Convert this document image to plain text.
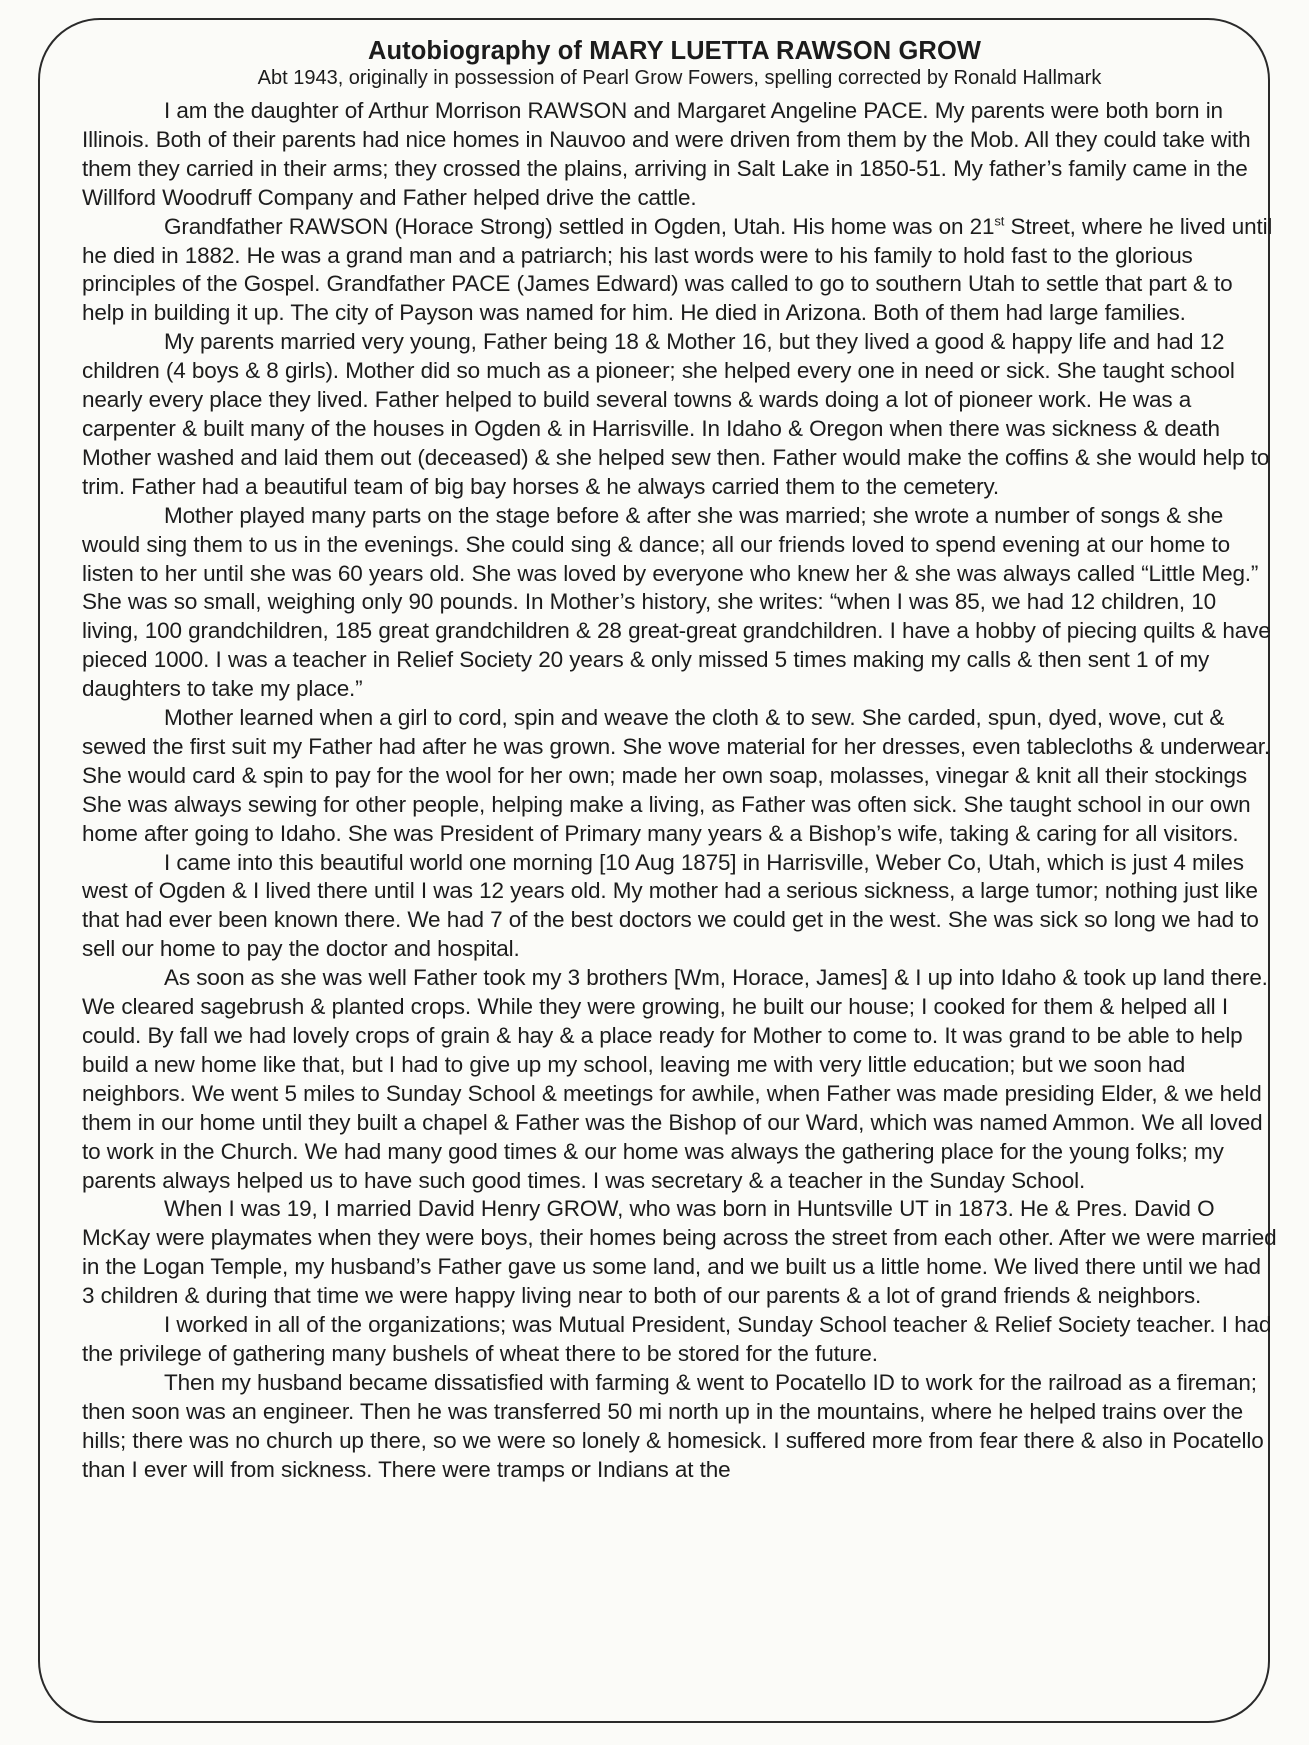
Autobiography of MARY LUETTA RAWSON GROW
Abt 1943, originally in possession of Pearl Grow Fowers, spelling corrected by Ronald Hallmark

I am the daughter of Arthur Morrison RAWSON and Margaret Angeline PACE. My parents were both born in Illinois. Both of their parents had nice homes in Nauvoo and were driven from them by the Mob. All they could take with them they carried in their arms; they crossed the plains, arriving in Salt Lake in 1850-51. My father’s family came in the Willford Woodruff Company and Father helped drive the cattle.

Grandfather RAWSON (Horace Strong) settled in Ogden, Utah. His home was on 21st Street, where he lived until he died in 1882. He was a grand man and a patriarch; his last words were to his family to hold fast to the glorious principles of the Gospel. Grandfather PACE (James Edward) was called to go to southern Utah to settle that part & to help in building it up. The city of Payson was named for him. He died in Arizona. Both of them had large families.

My parents married very young, Father being 18 & Mother 16, but they lived a good & happy life and had 12 children (4 boys & 8 girls). Mother did so much as a pioneer; she helped every one in need or sick. She taught school nearly every place they lived. Father helped to build several towns & wards doing a lot of pioneer work. He was a carpenter & built many of the houses in Ogden & in Harrisville. In Idaho & Oregon when there was sickness & death Mother washed and laid them out (deceased) & she helped sew then. Father would make the coffins & she would help to trim. Father had a beautiful team of big bay horses & he always carried them to the cemetery.

Mother played many parts on the stage before & after she was married; she wrote a number of songs & she would sing them to us in the evenings. She could sing & dance; all our friends loved to spend evening at our home to listen to her until she was 60 years old. She was loved by everyone who knew her & she was always called “Little Meg.” She was so small, weighing only 90 pounds. In Mother’s history, she writes: “when I was 85, we had 12 children, 10 living, 100 grandchildren, 185 great grandchildren & 28 great-great grandchildren. I have a hobby of piecing quilts & have pieced 1000. I was a teacher in Relief Society 20 years & only missed 5 times making my calls & then sent 1 of my daughters to take my place.”

Mother learned when a girl to cord, spin and weave the cloth & to sew. She carded, spun, dyed, wove, cut & sewed the first suit my Father had after he was grown. She wove material for her dresses, even tablecloths & underwear. She would card & spin to pay for the wool for her own; made her own soap, molasses, vinegar & knit all their stockings She was always sewing for other people, helping make a living, as Father was often sick. She taught school in our own home after going to Idaho. She was President of Primary many years & a Bishop’s wife, taking & caring for all visitors.

I came into this beautiful world one morning [10 Aug 1875] in Harrisville, Weber Co, Utah, which is just 4 miles west of Ogden & I lived there until I was 12 years old. My mother had a serious sickness, a large tumor; nothing just like that had ever been known there. We had 7 of the best doctors we could get in the west. She was sick so long we had to sell our home to pay the doctor and hospital.

As soon as she was well Father took my 3 brothers [Wm, Horace, James] & I up into Idaho & took up land there. We cleared sagebrush & planted crops. While they were growing, he built our house; I cooked for them & helped all I could. By fall we had lovely crops of grain & hay & a place ready for Mother to come to. It was grand to be able to help build a new home like that, but I had to give up my school, leaving me with very little education; but we soon had neighbors. We went 5 miles to Sunday School & meetings for awhile, when Father was made presiding Elder, & we held them in our home until they built a chapel & Father was the Bishop of our Ward, which was named Ammon. We all loved to work in the Church. We had many good times & our home was always the gathering place for the young folks; my parents always helped us to have such good times. I was secretary & a teacher in the Sunday School.

When I was 19, I married David Henry GROW, who was born in Huntsville UT in 1873. He & Pres. David O McKay were playmates when they were boys, their homes being across the street from each other. After we were married in the Logan Temple, my husband’s Father gave us some land, and we built us a little home. We lived there until we had 3 children & during that time we were happy living near to both of our parents & a lot of grand friends & neighbors.

I worked in all of the organizations; was Mutual President, Sunday School teacher & Relief Society teacher. I had the privilege of gathering many bushels of wheat there to be stored for the future.

Then my husband became dissatisfied with farming & went to Pocatello ID to work for the railroad as a fireman; then soon was an engineer. Then he was transferred 50 mi north up in the mountains, where he helped trains over the hills; there was no church up there, so we were so lonely & homesick. I suffered more from fear there & also in Pocatello than I ever will from sickness. There were tramps or Indians at the
